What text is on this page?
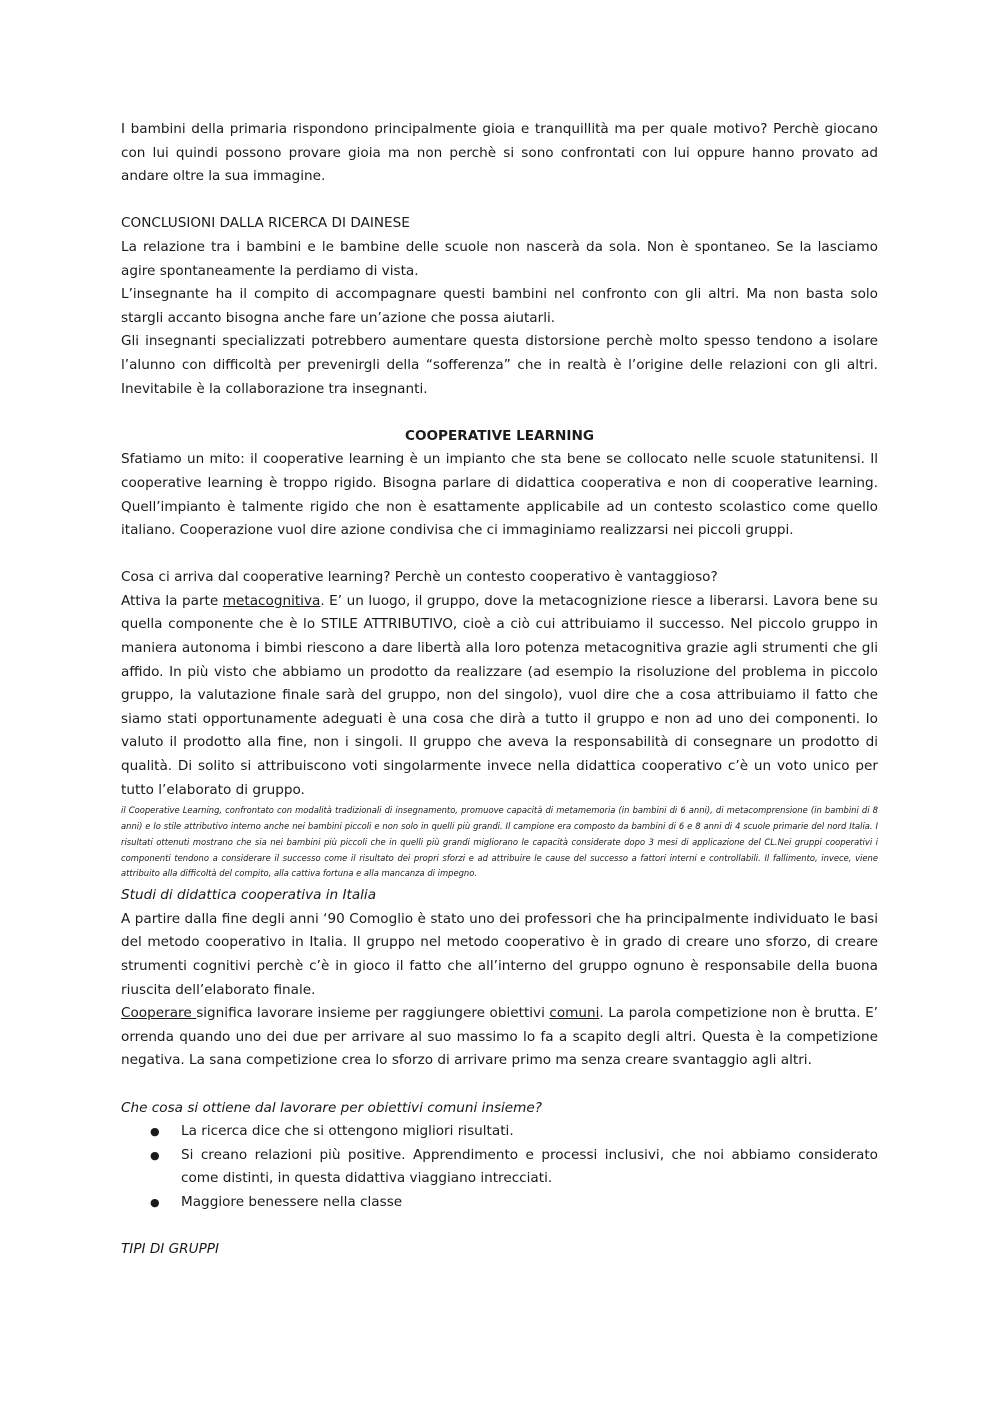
I bambini della primaria rispondono principalmente gioia e tranquillità ma per quale motivo? Perchè giocano con lui quindi possono provare gioia ma non perchè si sono confrontati con lui oppure hanno provato ad andare oltre la sua immagine.

CONCLUSIONI DALLA RICERCA DI DAINESE

La relazione tra i bambini e le bambine delle scuole non nascerà da sola. Non è spontaneo. Se la lasciamo agire spontaneamente la perdiamo di vista.

L’insegnante ha il compito di accompagnare questi bambini nel confronto con gli altri. Ma non basta solo stargli accanto bisogna anche fare un’azione che possa aiutarli.

Gli insegnanti specializzati potrebbero aumentare questa distorsione perchè molto spesso tendono a isolare l’alunno con difficoltà per prevenirgli della “sofferenza” che in realtà è l’origine delle relazioni con gli altri. Inevitabile è la collaborazione tra insegnanti.

COOPERATIVE LEARNING

Sfatiamo un mito: il cooperative learning è un impianto che sta bene se collocato nelle scuole statunitensi. Il cooperative learning è troppo rigido. Bisogna parlare di didattica cooperativa e non di cooperative learning. Quell’impianto è talmente rigido che non è esattamente applicabile ad un contesto scolastico come quello italiano. Cooperazione vuol dire azione condivisa che ci immaginiamo realizzarsi nei piccoli gruppi.

Cosa ci arriva dal cooperative learning? Perchè un contesto cooperativo è vantaggioso?

Attiva la parte metacognitiva. E’ un luogo, il gruppo, dove la metacognizione riesce a liberarsi. Lavora bene su quella componente che è lo STILE ATTRIBUTIVO, cioè a ciò cui attribuiamo il successo. Nel piccolo gruppo in maniera autonoma i bimbi riescono a dare libertà alla loro potenza metacognitiva grazie agli strumenti che gli affido. In più visto che abbiamo un prodotto da realizzare (ad esempio la risoluzione del problema in piccolo gruppo, la valutazione finale sarà del gruppo, non del singolo), vuol dire che a cosa attribuiamo il fatto che siamo stati opportunamente adeguati è una cosa che dirà a tutto il gruppo e non ad uno dei componenti. Io valuto il prodotto alla fine, non i singoli. Il gruppo che aveva la responsabilità di consegnare un prodotto di qualità. Di solito si attribuiscono voti singolarmente invece nella didattica cooperativo c’è un voto unico per tutto l’elaborato di gruppo.

il Cooperative Learning, confrontato con modalità tradizionali di insegnamento, promuove capacità di metamemoria (in bambini di 6 anni), di metacomprensione (in bambini di 8 anni) e lo stile attributivo interno anche nei bambini piccoli e non solo in quelli più grandi. Il campione era composto da bambini di 6 e 8 anni di 4 scuole primarie del nord Italia. I risultati ottenuti mostrano che sia nei bambini più piccoli che in quelli più grandi migliorano le capacità considerate dopo 3 mesi di applicazione del CL.Nei gruppi cooperativi i componenti tendono a considerare il successo come il risultato dei propri sforzi e ad attribuire le cause del successo a fattori interni e controllabili. Il fallimento, invece, viene attribuito alla difficoltà del compito, alla cattiva fortuna e alla mancanza di impegno.

Studi di didattica cooperativa in Italia

A partire dalla fine degli anni ‘90 Comoglio è stato uno dei professori che ha principalmente individuato le basi del metodo cooperativo in Italia. Il gruppo nel metodo cooperativo è in grado di creare uno sforzo, di creare strumenti cognitivi perchè c’è in gioco il fatto che all’interno del gruppo ognuno è responsabile della buona riuscita dell’elaborato finale.

Cooperare significa lavorare insieme per raggiungere obiettivi comuni. La parola competizione non è brutta. E’ orrenda quando uno dei due per arrivare al suo massimo lo fa a scapito degli altri. Questa è la competizione negativa. La sana competizione crea lo sforzo di arrivare primo ma senza creare svantaggio agli altri.

Che cosa si ottiene dal lavorare per obiettivi comuni insieme?

● La ricerca dice che si ottengono migliori risultati.
● Si creano relazioni più positive. Apprendimento e processi inclusivi, che noi abbiamo considerato come distinti, in questa didattiva viaggiano intrecciati.
● Maggiore benessere nella classe

TIPI DI GRUPPI
